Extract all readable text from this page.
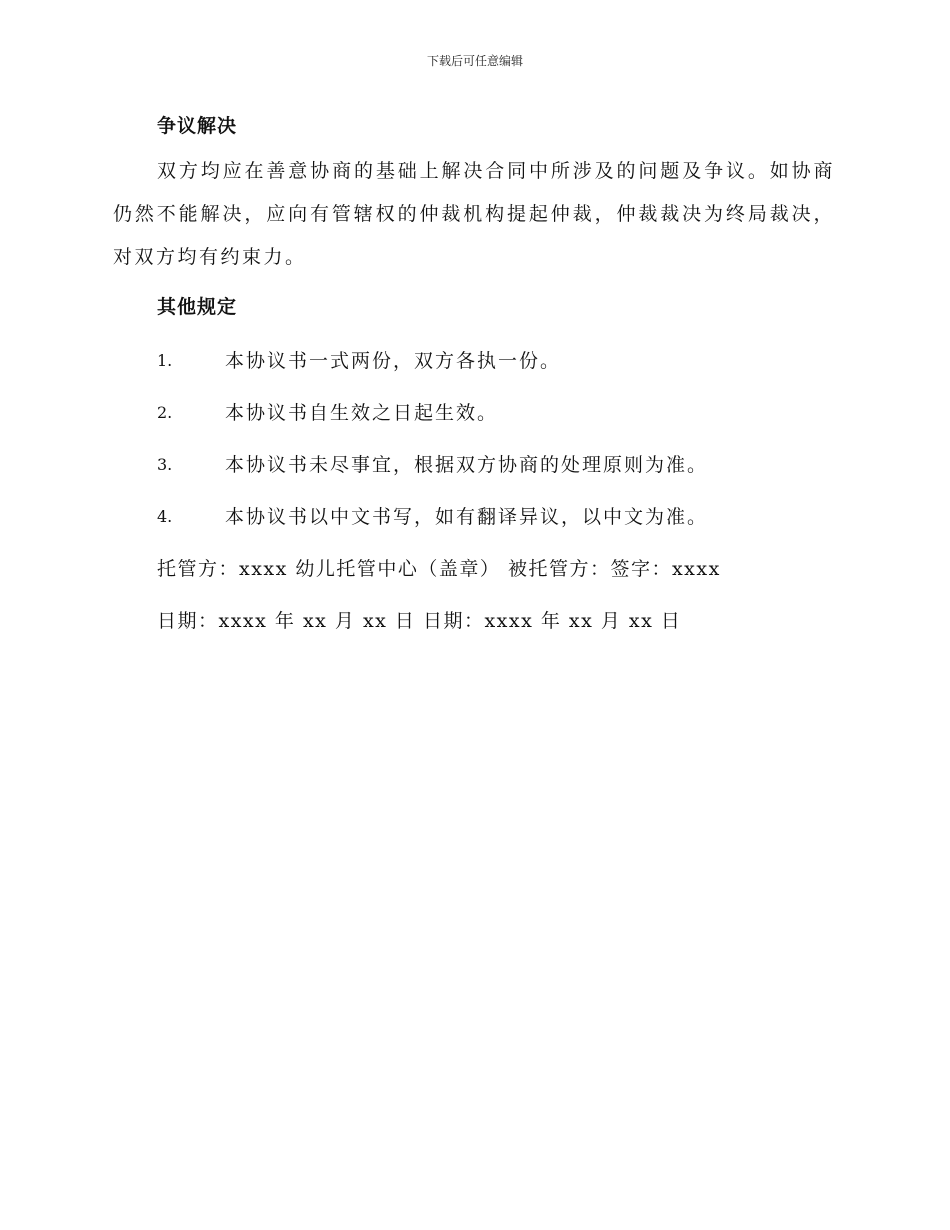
下载后可任意编辑
争议解决

双方均应在善意协商的基础上解决合同中所涉及的问题及争议。如协商仍然不能解决，应向有管辖权的仲裁机构提起仲裁，仲裁裁决为终局裁决，对双方均有约束力。

其他规定
1.	本协议书一式两份，双方各执一份。
2.	本协议书自生效之日起生效。
3.	本协议书未尽事宜，根据双方协商的处理原则为准。
4.	本协议书以中文书写，如有翻译异议，以中文为准。
托管方：xxxx 幼儿托管中心（盖章） 被托管方：签字：xxxx
日期：xxxx 年 xx 月 xx 日 日期：xxxx 年 xx 月 xx 日
